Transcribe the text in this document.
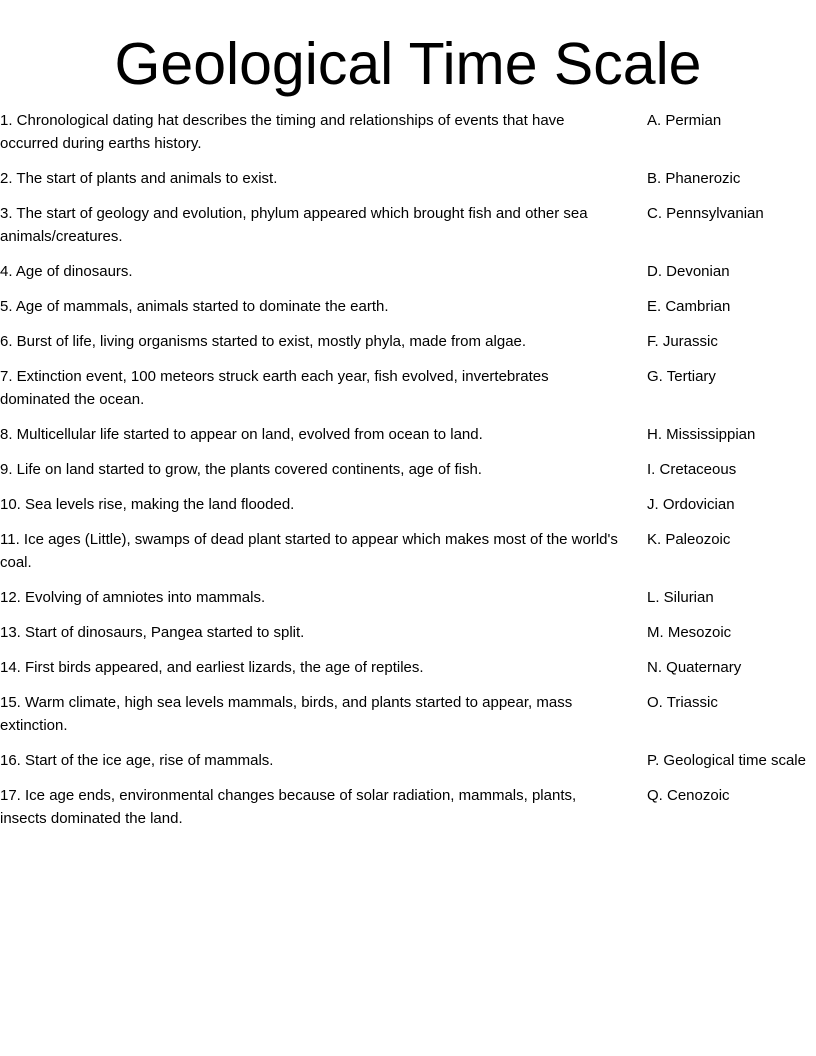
Geological Time Scale
1. Chronological dating hat describes the timing and relationships of events that have occurred during earths history.
A. Permian
2. The start of plants and animals to exist.	B. Phanerozic
3. The start of geology and evolution, phylum appeared which brought fish and other sea animals/creatures.
C. Pennsylvanian
4. Age of dinosaurs.	D. Devonian
5. Age of mammals, animals started to dominate the earth.	E. Cambrian
6. Burst of life, living organisms started to exist, mostly phyla, made from algae.	F. Jurassic
7. Extinction event, 100 meteors struck earth each year, fish evolved, invertebrates dominated the ocean.
G. Tertiary
8. Multicellular life started to appear on land, evolved from ocean to land.	H. Mississippian
9. Life on land started to grow, the plants covered continents, age of fish.	I. Cretaceous
10. Sea levels rise, making the land flooded.	J. Ordovician
11. Ice ages (Little), swamps of dead plant started to appear which makes most of the world's coal.
K. Paleozoic
12. Evolving of amniotes into mammals.	L. Silurian
13. Start of dinosaurs, Pangea started to split.	M. Mesozoic
14. First birds appeared, and earliest lizards, the age of reptiles.	N. Quaternary
15. Warm climate, high sea levels mammals, birds, and plants started to appear, mass extinction.
O. Triassic
16. Start of the ice age, rise of mammals.	P. Geological time scale
17. Ice age ends, environmental changes because of solar radiation, mammals, plants, insects dominated the land.
Q. Cenozoic
